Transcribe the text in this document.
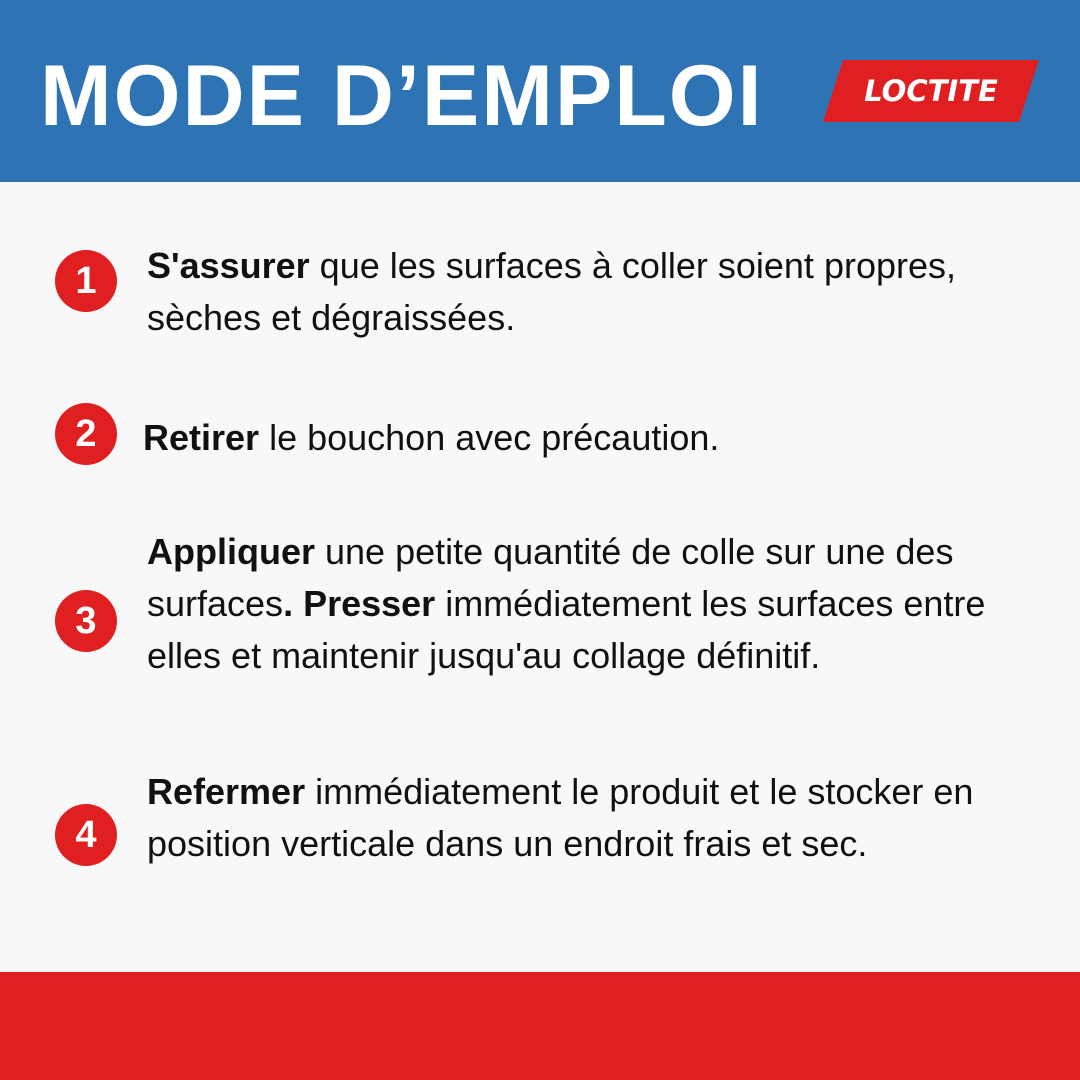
MODE D’EMPLOI	LOCTITE
1	S'assurer que les surfaces à coller soient propres, sèches et dégraissées.
2	Retirer le bouchon avec précaution.
3
Appliquer une petite quantité de colle sur une des surfaces. Presser immédiatement les surfaces entre elles et maintenir jusqu'au collage définitif.
4
Refermer immédiatement le produit et le stocker en position verticale dans un endroit frais et sec.
